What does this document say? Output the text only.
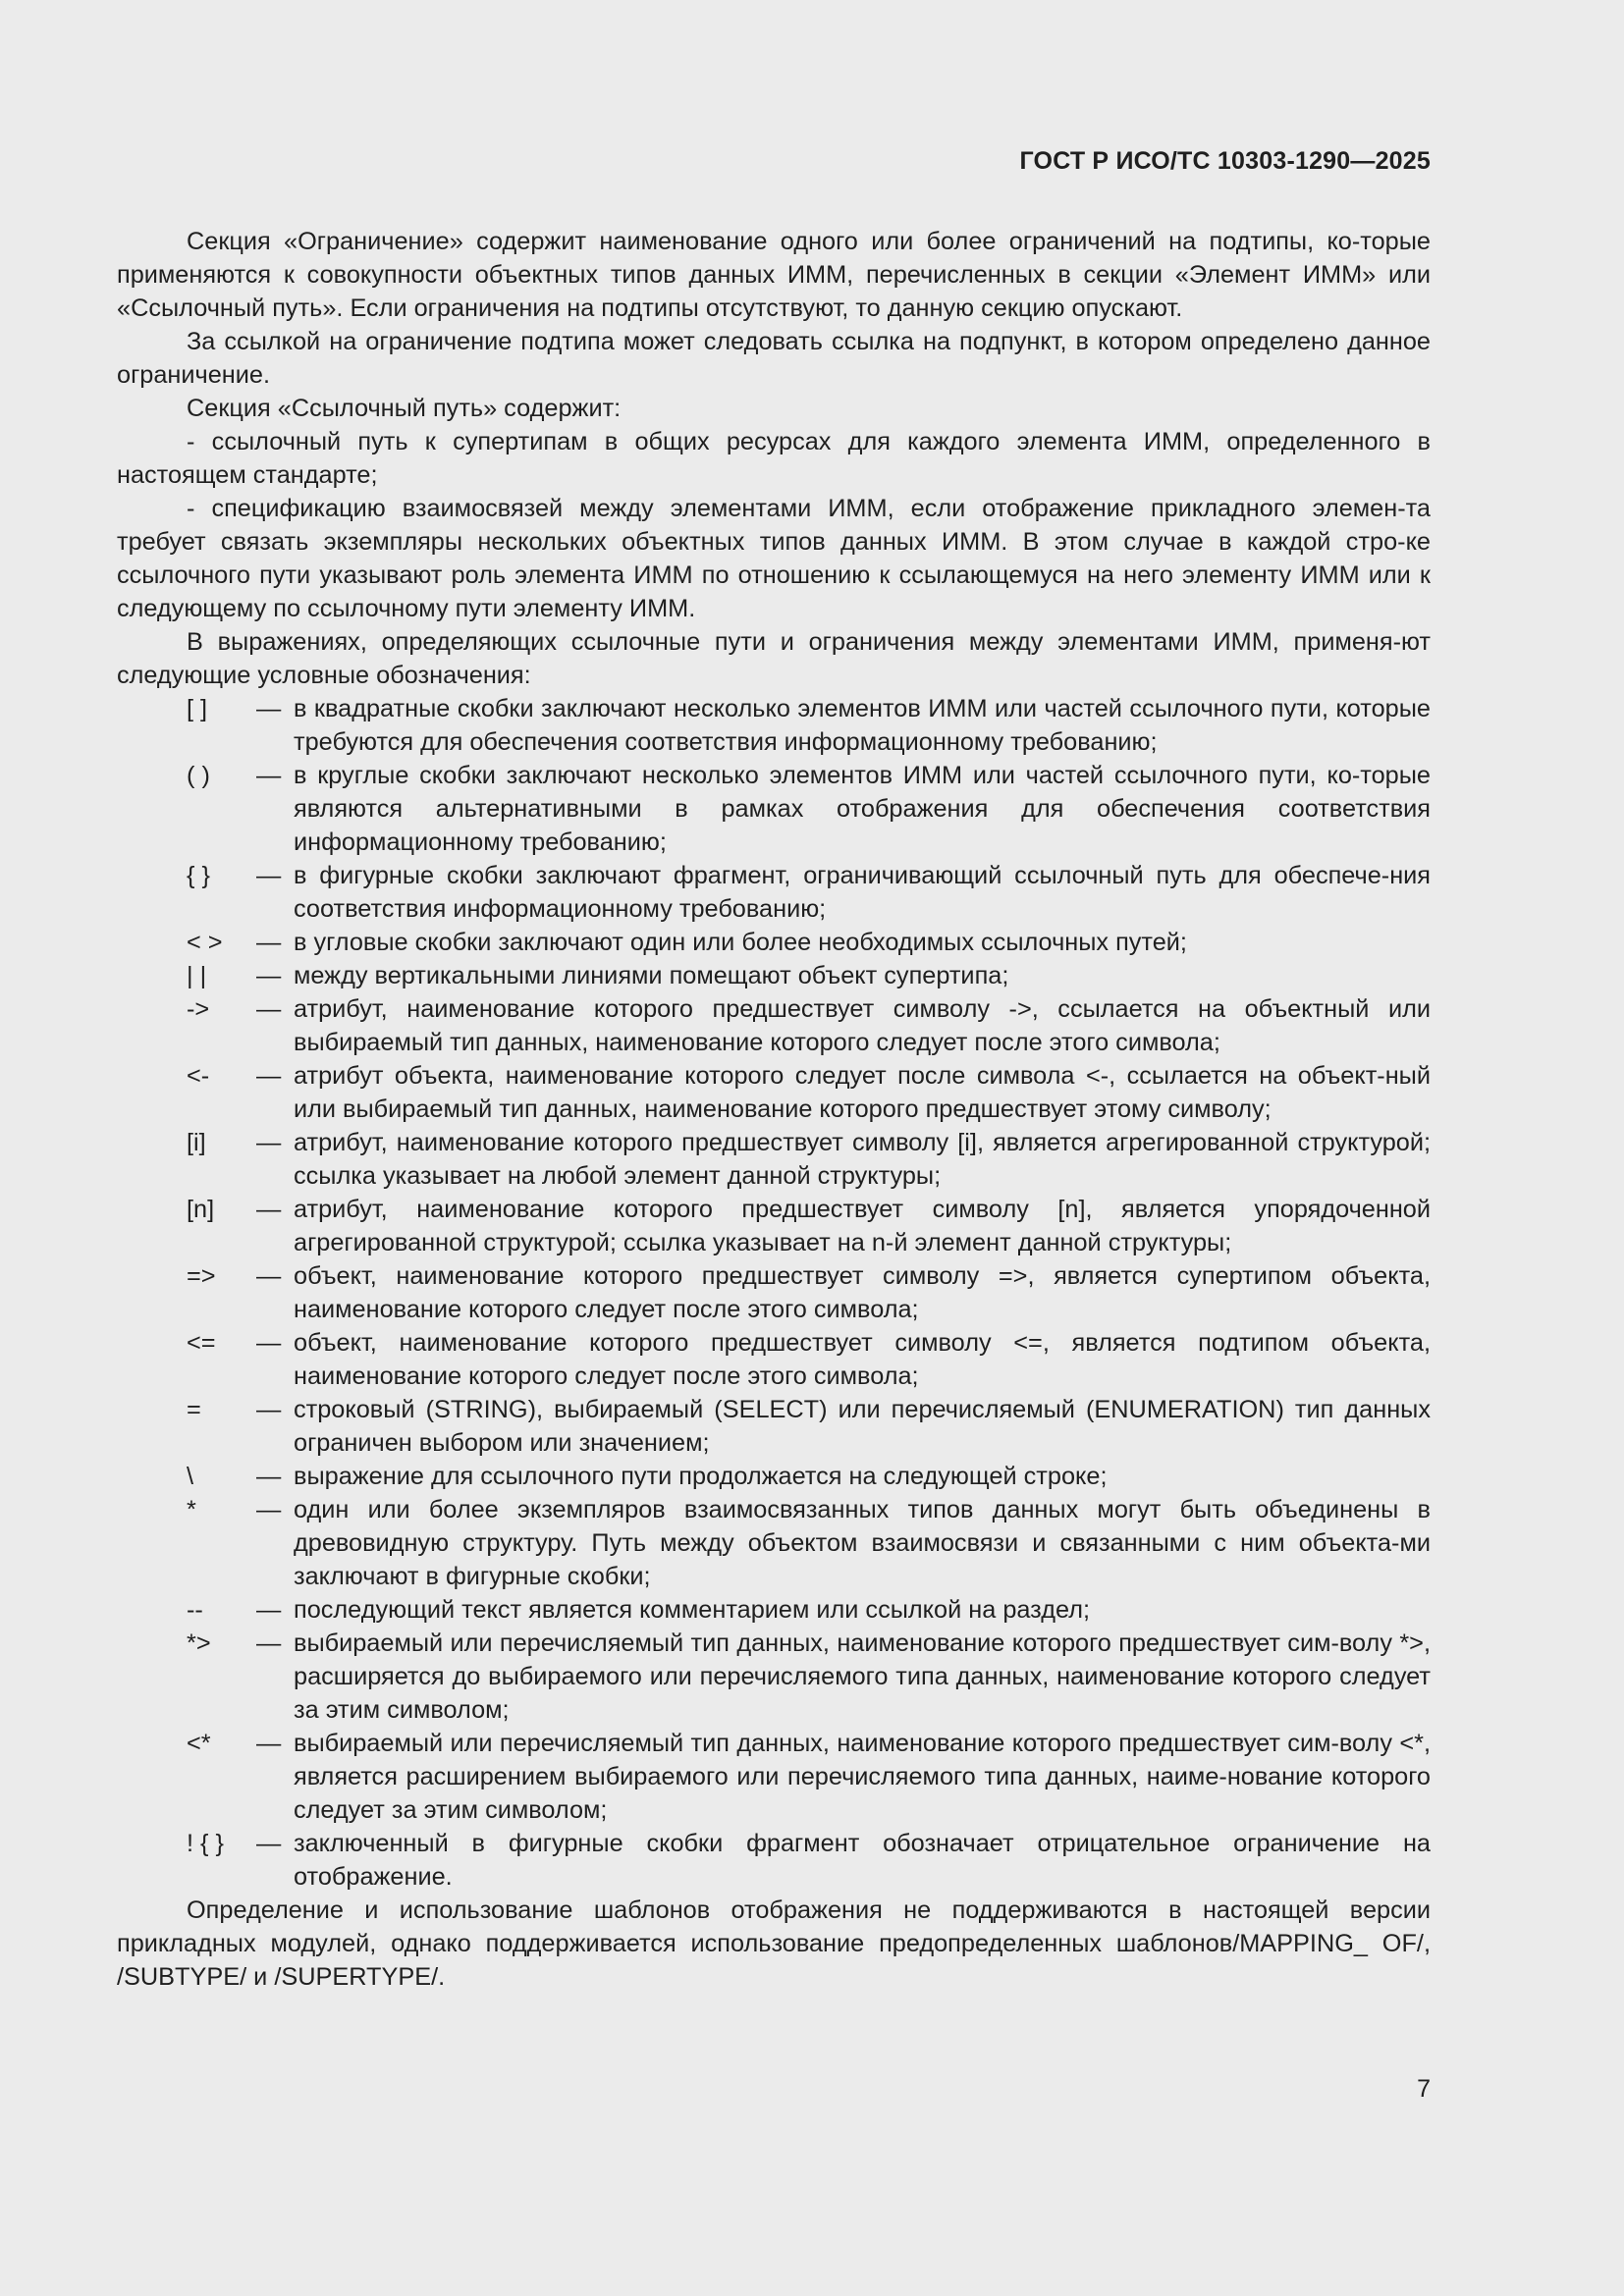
ГОСТ Р ИСО/ТС 10303-1290—2025

Секция «Ограничение» содержит наименование одного или более ограничений на подтипы, ко-торые применяются к совокупности объектных типов данных ИММ, перечисленных в секции «Элемент ИММ» или «Ссылочный путь». Если ограничения на подтипы отсутствуют, то данную секцию опускают.

За ссылкой на ограничение подтипа может следовать ссылка на подпункт, в котором определено данное ограничение.

Секция «Ссылочный путь» содержит:

- ссылочный путь к супертипам в общих ресурсах для каждого элемента ИММ, определенного в настоящем стандарте;

- спецификацию взаимосвязей между элементами ИММ, если отображение прикладного элемен-та требует связать экземпляры нескольких объектных типов данных ИММ. В этом случае в каждой стро-ке ссылочного пути указывают роль элемента ИММ по отношению к ссылающемуся на него элементу ИММ или к следующему по ссылочному пути элементу ИММ.

В выражениях, определяющих ссылочные пути и ограничения между элементами ИММ, применя-ют следующие условные обозначения:

[ ]	— в квадратные скобки заключают несколько элементов ИММ или частей ссылочного пути, которые требуются для обеспечения соответствия информационному требованию;
( )	— в круглые скобки заключают несколько элементов ИММ или частей ссылочного пути, ко-торые являются альтернативными в рамках отображения для обеспечения соответствия информационному требованию;
{ }	— в фигурные скобки заключают фрагмент, ограничивающий ссылочный путь для обеспече-ния соответствия информационному требованию;
< >	— в угловые скобки заключают один или более необходимых ссылочных путей;
| |	— между вертикальными линиями помещают объект супертипа;
->	— атрибут, наименование которого предшествует символу ->, ссылается на объектный или выбираемый тип данных, наименование которого следует после этого символа;
<-	— атрибут объекта, наименование которого следует после символа <-, ссылается на объект-ный или выбираемый тип данных, наименование которого предшествует этому символу;
[i]	— атрибут, наименование которого предшествует символу [i], является агрегированной структурой; ссылка указывает на любой элемент данной структуры;
[n]	— атрибут, наименование которого предшествует символу [n], является упорядоченной агрегированной структурой; ссылка указывает на n-й элемент данной структуры;
=>	— объект, наименование которого предшествует символу =>, является супертипом объекта, наименование которого следует после этого символа;
<=	— объект, наименование которого предшествует символу <=, является подтипом объекта, наименование которого следует после этого символа;
=	— строковый (STRING), выбираемый (SELECT) или перечисляемый (ENUMERATION) тип данных ограничен выбором или значением;
\	— выражение для ссылочного пути продолжается на следующей строке;
*	— один или более экземпляров взаимосвязанных типов данных могут быть объединены в древовидную структуру. Путь между объектом взаимосвязи и связанными с ним объекта-ми заключают в фигурные скобки;
--	— последующий текст является комментарием или ссылкой на раздел;
*>	— выбираемый или перечисляемый тип данных, наименование которого предшествует сим-волу *>, расширяется до выбираемого или перечисляемого типа данных, наименование которого следует за этим символом;
<*	— выбираемый или перечисляемый тип данных, наименование которого предшествует сим-волу <*, является расширением выбираемого или перечисляемого типа данных, наиме-нование которого следует за этим символом;
! { }	— заключенный в фигурные скобки фрагмент обозначает отрицательное ограничение на отображение.

Определение и использование шаблонов отображения не поддерживаются в настоящей версии прикладных модулей, однако поддерживается использование предопределенных шаблонов/MAPPING_ OF/, /SUBTYPE/ и /SUPERTYPE/.

7
